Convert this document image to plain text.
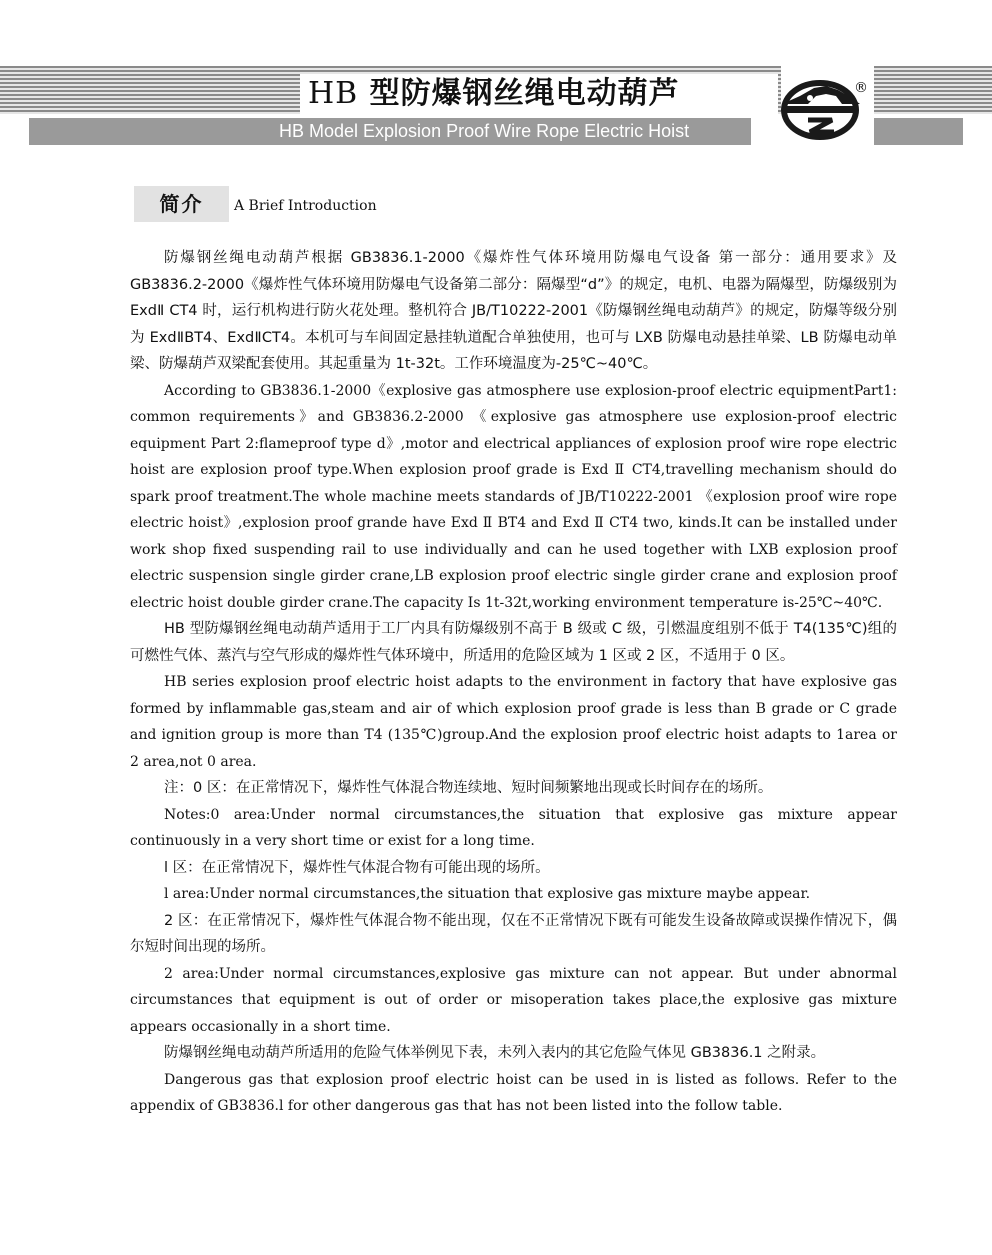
HB 型防爆钢丝绳电动葫芦
HB Model Explosion Proof Wire Rope Electric Hoist
®
简介	A Brief Introduction

防爆钢丝绳电动葫芦根据 GB3836.1-2000《爆炸性气体环境用防爆电气设备 第一部分：通用要求》及 GB3836.2-2000《爆炸性气体环境用防爆电气设备第二部分：隔爆型“d”》的规定，电机、电器为隔爆型，防爆级别为 ExdⅡ CT4 时，运行机构进行防火花处理。整机符合 JB/T10222-2001《防爆钢丝绳电动葫芦》的规定，防爆等级分别为 ExdⅡBT4、ExdⅡCT4。本机可与车间固定悬挂轨道配合单独使用，也可与 LXB 防爆电动悬挂单梁、LB 防爆电动单梁、防爆葫芦双梁配套使用。其起重量为 1t-32t。工作环境温度为-25℃~40℃。

According to GB3836.1-2000《explosive gas atmosphere use explosion-proof electric equipmentPart1: common requirements》and GB3836.2-2000 《explosive gas atmosphere use explosion-proof electric equipment Part 2:flameproof type d》,motor and electrical appliances of explosion proof wire rope electric hoist are explosion proof type.When explosion proof grade is Exd Ⅱ CT4,travelling mechanism should do spark proof treatment.The whole machine meets standards of JB/T10222-2001 《explosion proof wire rope electric hoist》,explosion proof grande have Exd Ⅱ BT4 and Exd Ⅱ CT4 two, kinds.It can be installed under work shop fixed suspending rail to use individually and can he used together with LXB explosion proof electric suspension single girder crane,LB explosion proof electric single girder crane and explosion proof electric hoist double girder crane.The capacity Is 1t-32t,working environment temperature is-25℃~40℃.

HB 型防爆钢丝绳电动葫芦适用于工厂内具有防爆级别不高于 B 级或 C 级，引燃温度组别不低于 T4(135℃)组的可燃性气体、蒸汽与空气形成的爆炸性气体环境中，所适用的危险区域为 1 区或 2 区，不适用于 0 区。

HB series explosion proof electric hoist adapts to the environment in factory that have explosive gas formed by inflammable gas,steam and air of which explosion proof grade is less than B grade or C grade and ignition group is more than T4 (135℃)group.And the explosion proof electric hoist adapts to 1area or 2 area,not 0 area.

注：0 区：在正常情况下，爆炸性气体混合物连续地、短时间频繁地出现或长时间存在的场所。

Notes:0 area:Under normal circumstances,the situation that explosive gas mixture appear continuously in a very short time or exist for a long time.

l 区：在正常情况下，爆炸性气体混合物有可能出现的场所。

l area:Under normal circumstances,the situation that explosive gas mixture maybe appear.

2 区：在正常情况下，爆炸性气体混合物不能出现，仅在不正常情况下既有可能发生设备故障或误操作情况下，偶尔短时间出现的场所。

2 area:Under normal circumstances,explosive gas mixture can not appear. But under abnormal circumstances that equipment is out of order or misoperation takes place,the explosive gas mixture appears occasionally in a short time.

防爆钢丝绳电动葫芦所适用的危险气体举例见下表，未列入表内的其它危险气体见 GB3836.1 之附录。

Dangerous gas that explosion proof electric hoist can be used in is listed as follows. Refer to the appendix of GB3836.l for other dangerous gas that has not been listed into the follow table.
